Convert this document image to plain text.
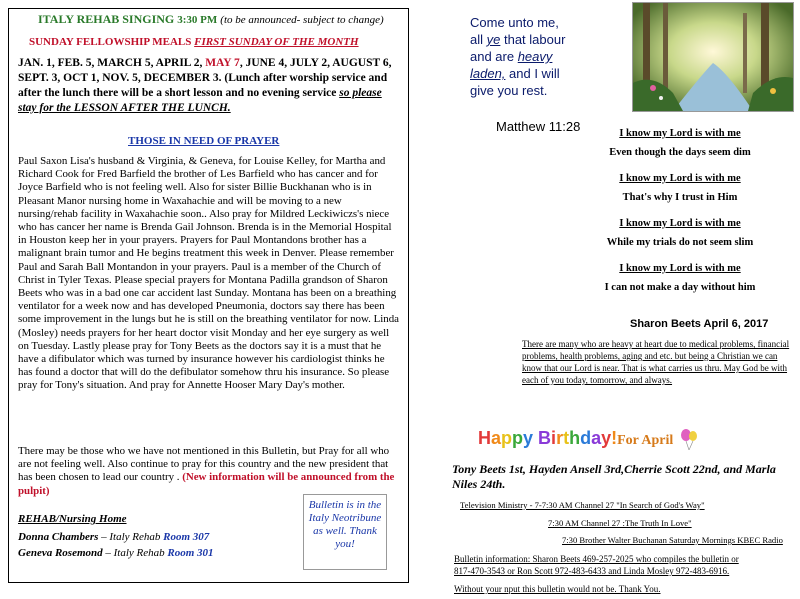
ITALY REHAB SINGING 3:30 PM (to be announced- subject to change)
SUNDAY FELLOWSHIP MEALS FIRST SUNDAY OF THE MONTH
JAN. 1, FEB. 5, MARCH 5, APRIL 2, MAY 7, JUNE 4, JULY 2, AUGUST 6, SEPT. 3, OCT 1, NOV. 5, DECEMBER 3. (Lunch after worship service and after the lunch there will be a short lesson and no evening service so please stay for the LESSON AFTER THE LUNCH.
THOSE IN NEED OF PRAYER
Paul Saxon Lisa's husband & Virginia, & Geneva, for Louise Kelley, for Martha and Richard Cook for Fred Barfield the brother of Les Barfield who has cancer and for Joyce Barfield who is not feeling well. Also for sister Billie Buckhanan who is in Pleasant Manor nursing home in Waxahachie and will be moving to a new nursing/rehab facility in Waxahachie soon.. Also pray for Mildred Leckiwiczs's niece who has cancer her name is Brenda Gail Johnson. Brenda is in the Memorial Hospital in Houston keep her in your prayers. Prayers for Paul Montandons brother has a malignant brain tumor and He begins treatment this week in Denver. Please remember Paul and Sarah Ball Montandon in your prayers. Paul is a member of the Church of Christ in Tyler Texas. Please special prayers for Montana Padilla grandson of Sharon Beets who was in a bad one car accident last Sunday. Montana has been on a breathing ventilator for a week now and has developed Pneumonia, doctors say there has been some improvement in the lungs but he is still on the breathing ventilator for now. Linda (Mosley) needs prayers for her heart doctor visit Monday and her eye surgery as well on Tuesday. Lastly please pray for Tony Beets as the doctors say it is a must that he have a difibulator which was turned by insurance however his cardiologist thinks he has found a doctor that will do the defibulator somehow thru his insurance. So please pray for Tony's situation. And pray for Annette Hooser Mary Day's mother.
There may be those who we have not mentioned in this Bulletin, but Pray for all who are not feeling well. Also continue to pray for this country and the new president that has been chosen to lead our country . (New information will be announced from the pulpit)
REHAB/Nursing Home
Donna Chambers – Italy Rehab Room 307
Geneva Rosemond – Italy Rehab Room 301
Bulletin is in the Italy Neotribune as well. Thank you!
Come unto me,
all ye that labour
and are heavy
laden, and I will
give you rest.
Matthew 11:28	I know my Lord is with me
Even though the days seem dim
I know my Lord is with me
That's why I trust in Him
I know my Lord is with me
While my trials do not seem slim
I know my Lord is with me
I can not make a day without him
Sharon Beets April 6, 2017
There are many who are heavy at heart due to medical problems, financial problems, health problems, aging and etc. but being a Christian we can know that our Lord is near. That is what carries us thru. May God be with each of you today, tomorrow, and always.
Happy Birthday!For April
Tony Beets 1st, Hayden Ansell 3rd,Cherrie Scott 22nd, and Marla Niles 24th.
Television Ministry - 7-7:30 AM Channel 27 "In Search of God's Way"
7:30 AM Channel 27 :The Truth In Love"
7:30 Brother Walter Buchanan Saturday Mornings KBEC Radio
Bulletin information: Sharon Beets 469-257-2025 who compiles the bulletin or
817-470-3543 or Ron Scott 972-483-6433 and Linda Mosley 972-483-6916.
Without your nput this bulletin would not be. Thank You.
